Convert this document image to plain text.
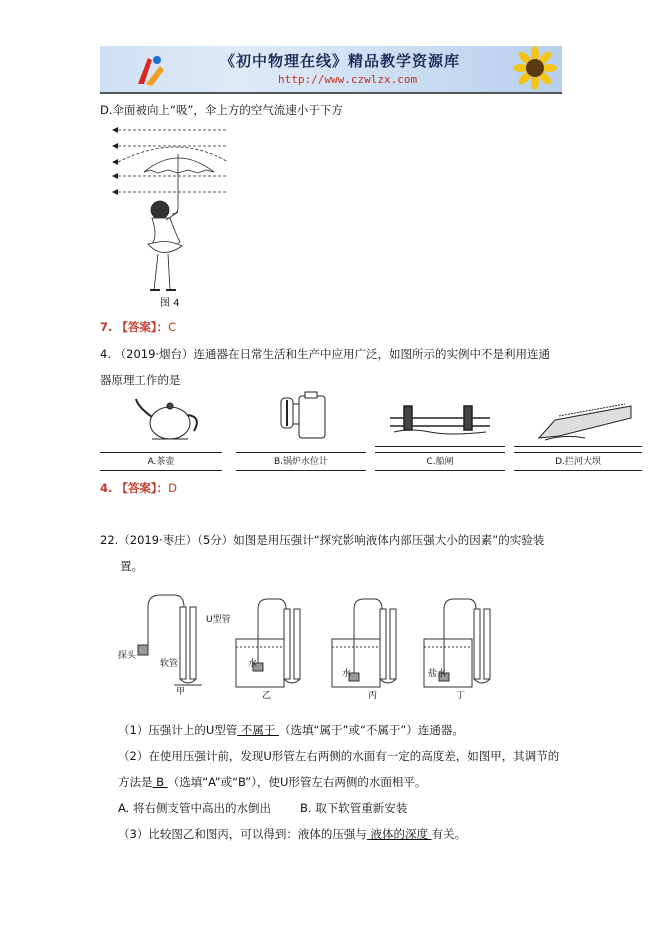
《初中物理在线》精品教学资源库
http://www.czwlzx.com
D.伞面被向上“吸”，伞上方的空气流速小于下方
图 4
7. 【答案】：C
4. （2019·烟台）连通器在日常生活和生产中应用广泛，如图所示的实例中不是利用连通
器原理工作的是
A.茶壶	B.锅炉水位计	C.船闸	D.拦河大坝
4. 【答案】：D
22.（2019·枣庄）（5分）如图是用压强计“探究影响液体内部压强大小的因素”的实验装
置。
U型管
探头
软管	水
水	盐水
甲	乙	丙	丁
（1）压强计上的U型管 不属于 （选填“属于”或“不属于”）连通器。
（2）在使用压强计前，发现U形管左右两侧的水面有一定的高度差，如图甲，其调节的
方法是 B （选填“A”或“B”），使U形管左右两侧的水面相平。
A. 将右侧支管中高出的水倒出	B. 取下软管重新安装
（3）比较图乙和图丙，可以得到：液体的压强与 液体的深度 有关。
